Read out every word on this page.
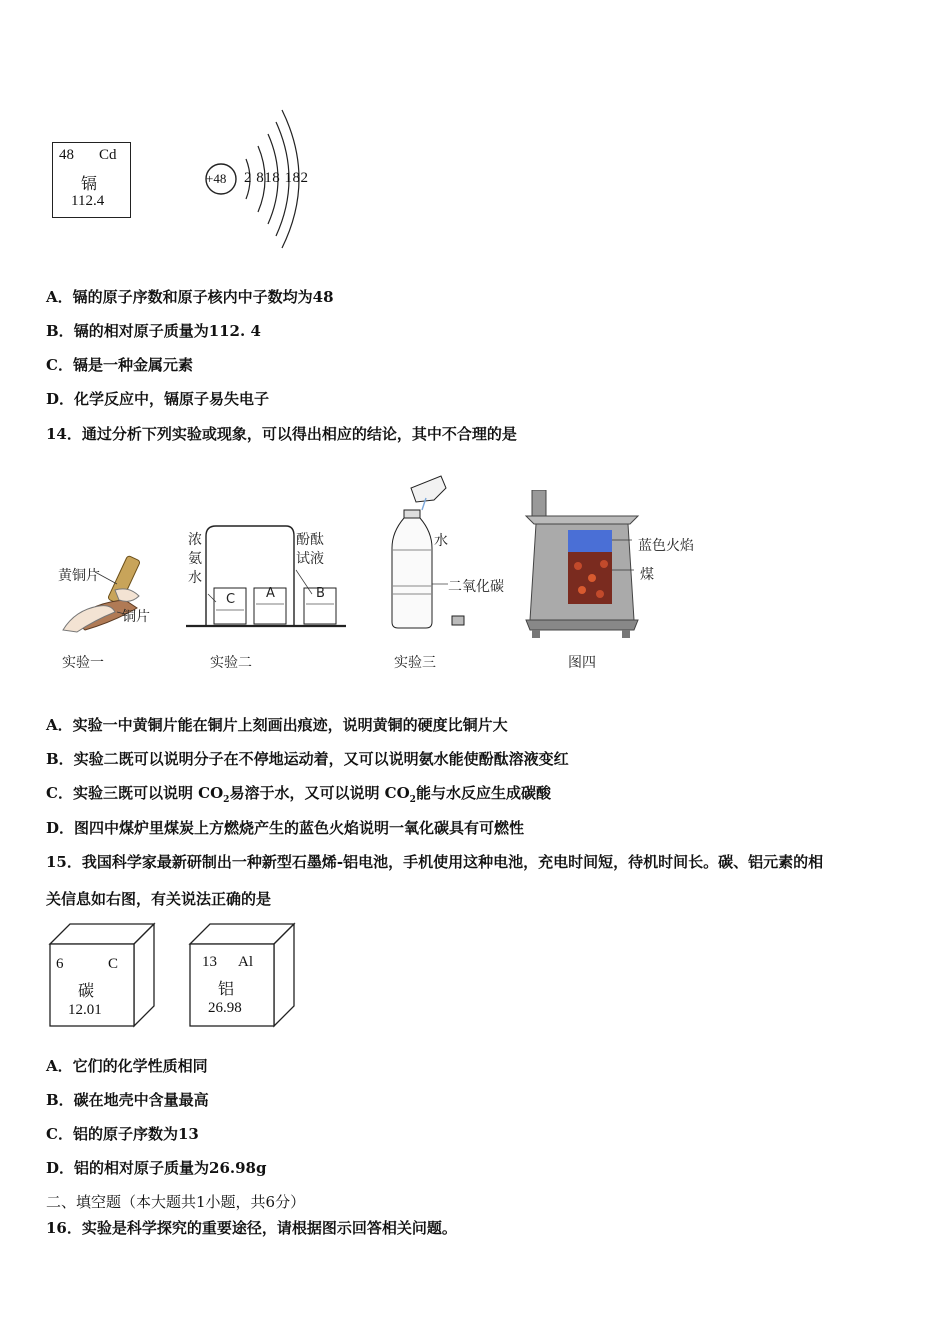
48 Cd
镉
112.4
+48 2 818 182
A．镉的原子序数和原子核内中子数均为48
B．镉的相对原子质量为112. 4
C．镉是一种金属元素
D．化学反应中，镉原子易失电子
14．通过分析下列实验或现象，可以得出相应的结论，其中不合理的是
黄铜片
铜片
实验一
C A	B
浓氨水
酚酞试液
实验二
水
二氧化碳
实验三
蓝色火焰
煤
图四
A．实验一中黄铜片能在铜片上刻画出痕迹，说明黄铜的硬度比铜片大
B．实验二既可以说明分子在不停地运动着，又可以说明氨水能使酚酞溶液变红
C．实验三既可以说明 $CO_2$易溶于水，又可以说明 $CO_2$能与水反应生成碳酸
D．图四中煤炉里煤炭上方燃烧产生的蓝色火焰说明一氧化碳具有可燃性
15．我国科学家最新研制出一种新型石墨烯-铝电池，手机使用这种电池，充电时间短，待机时间长。碳、铝元素的相
关信息如右图，有关说法正确的是
6	C
碳
12.01
13 Al
铝
26.98
A．它们的化学性质相同
B．碳在地壳中含量最高
C．铝的原子序数为13
D．铝的相对原子质量为26.98g
二、填空题（本大题共1小题，共6分）
16．实验是科学探究的重要途径，请根据图示回答相关问题。
